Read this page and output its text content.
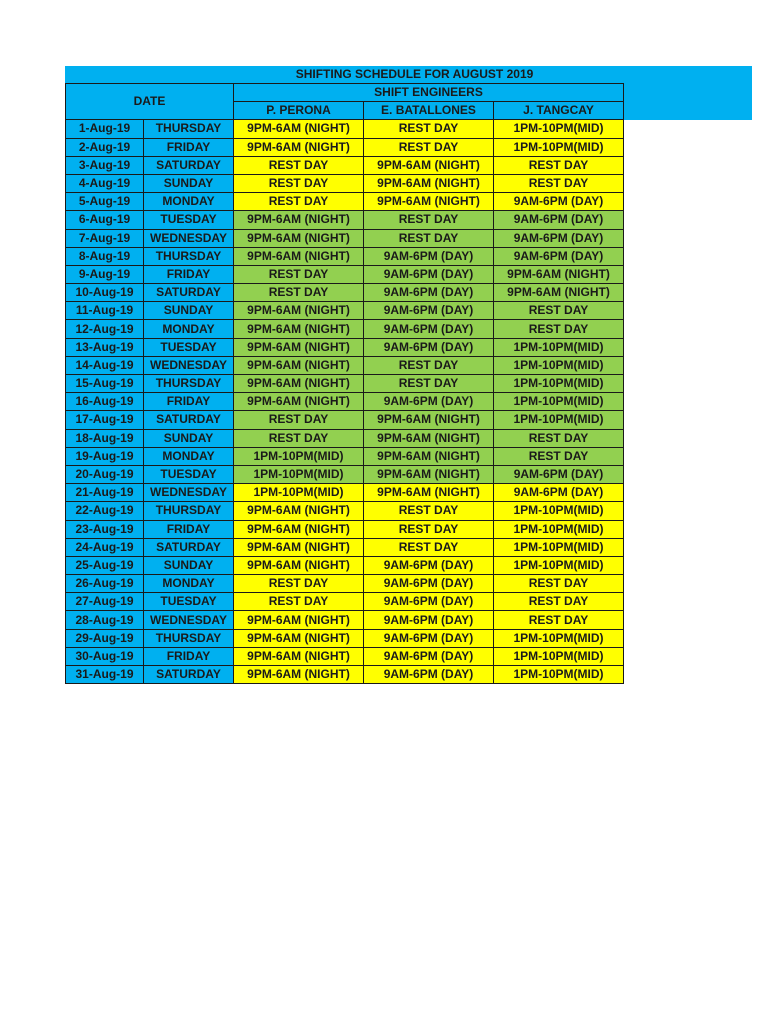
SHIFTING SCHEDULE FOR AUGUST 2019				
DATE		SHIFT ENGINEERS		
		P. PERONA	E. BATALLONES	J. TANGCAY
1-Aug-19	THURSDAY	9PM-6AM (NIGHT)	REST DAY	1PM-10PM(MID)
2-Aug-19	FRIDAY	9PM-6AM (NIGHT)	REST DAY	1PM-10PM(MID)
3-Aug-19	SATURDAY	REST DAY	9PM-6AM (NIGHT)	REST DAY
4-Aug-19	SUNDAY	REST DAY	9PM-6AM (NIGHT)	REST DAY
5-Aug-19	MONDAY	REST DAY	9PM-6AM (NIGHT)	9AM-6PM (DAY)
6-Aug-19	TUESDAY	9PM-6AM (NIGHT)	REST DAY	9AM-6PM (DAY)
7-Aug-19	WEDNESDAY	9PM-6AM (NIGHT)	REST DAY	9AM-6PM (DAY)
8-Aug-19	THURSDAY	9PM-6AM (NIGHT)	9AM-6PM (DAY)	9AM-6PM (DAY)
9-Aug-19	FRIDAY	REST DAY	9AM-6PM (DAY)	9PM-6AM (NIGHT)
10-Aug-19	SATURDAY	REST DAY	9AM-6PM (DAY)	9PM-6AM (NIGHT)
11-Aug-19	SUNDAY	9PM-6AM (NIGHT)	9AM-6PM (DAY)	REST DAY
12-Aug-19	MONDAY	9PM-6AM (NIGHT)	9AM-6PM (DAY)	REST DAY
13-Aug-19	TUESDAY	9PM-6AM (NIGHT)	9AM-6PM (DAY)	1PM-10PM(MID)
14-Aug-19	WEDNESDAY	9PM-6AM (NIGHT)	REST DAY	1PM-10PM(MID)
15-Aug-19	THURSDAY	9PM-6AM (NIGHT)	REST DAY	1PM-10PM(MID)
16-Aug-19	FRIDAY	9PM-6AM (NIGHT)	9AM-6PM (DAY)	1PM-10PM(MID)
17-Aug-19	SATURDAY	REST DAY	9PM-6AM (NIGHT)	1PM-10PM(MID)
18-Aug-19	SUNDAY	REST DAY	9PM-6AM (NIGHT)	REST DAY
19-Aug-19	MONDAY	1PM-10PM(MID)	9PM-6AM (NIGHT)	REST DAY
20-Aug-19	TUESDAY	1PM-10PM(MID)	9PM-6AM (NIGHT)	9AM-6PM (DAY)
21-Aug-19	WEDNESDAY	1PM-10PM(MID)	9PM-6AM (NIGHT)	9AM-6PM (DAY)
22-Aug-19	THURSDAY	9PM-6AM (NIGHT)	REST DAY	1PM-10PM(MID)
23-Aug-19	FRIDAY	9PM-6AM (NIGHT)	REST DAY	1PM-10PM(MID)
24-Aug-19	SATURDAY	9PM-6AM (NIGHT)	REST DAY	1PM-10PM(MID)
25-Aug-19	SUNDAY	9PM-6AM (NIGHT)	9AM-6PM (DAY)	1PM-10PM(MID)
26-Aug-19	MONDAY	REST DAY	9AM-6PM (DAY)	REST DAY
27-Aug-19	TUESDAY	REST DAY	9AM-6PM (DAY)	REST DAY
28-Aug-19	WEDNESDAY	9PM-6AM (NIGHT)	9AM-6PM (DAY)	REST DAY
29-Aug-19	THURSDAY	9PM-6AM (NIGHT)	9AM-6PM (DAY)	1PM-10PM(MID)
30-Aug-19	FRIDAY	9PM-6AM (NIGHT)	9AM-6PM (DAY)	1PM-10PM(MID)
31-Aug-19	SATURDAY	9PM-6AM (NIGHT)	9AM-6PM (DAY)	1PM-10PM(MID)
